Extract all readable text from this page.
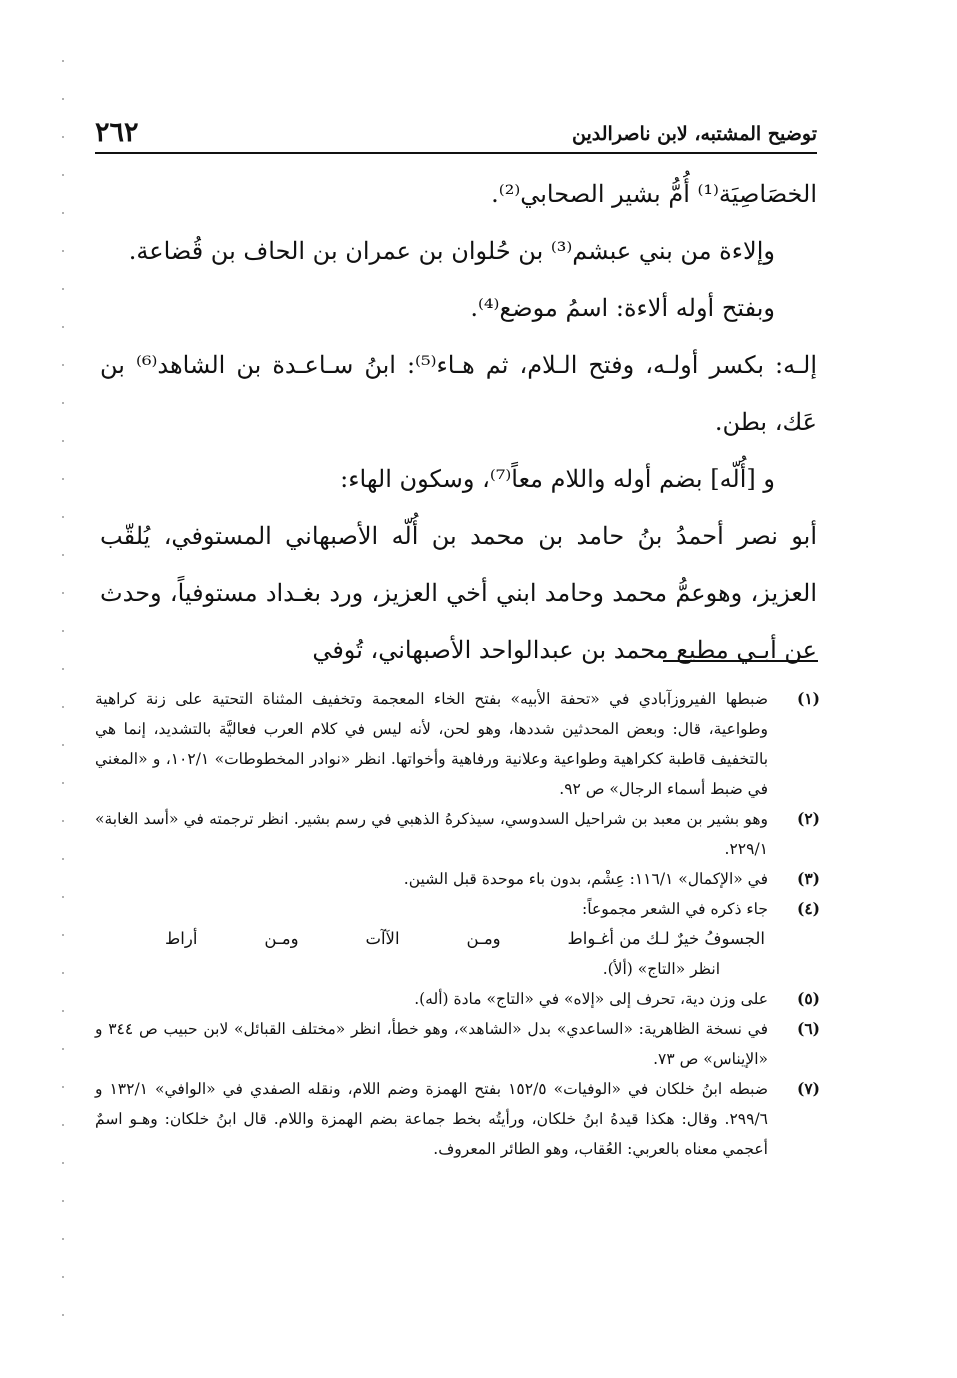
٢٦٢	توضيح المشتبه، لابن ناصرالدين

الخصَاصِيَة⁽¹⁾ أُمُّ بشير الصحابي⁽²⁾.

وإلاءة من بني عبشم⁽³⁾ بن حُلوان بن عمران بن الحاف بن قُضاعة.

وبفتح أوله ألاءة: اسمُ موضع⁽⁴⁾.

إلـه: بكسر أولـه، وفتح الـلام، ثم هـاء⁽⁵⁾: ابنُ سـاعـدة بن الشاهد⁽⁶⁾ بن عَك، بطن.

و [أُلّه] بضم أوله واللام معاً⁽⁷⁾، وسكون الهاء:

أبو نصر أحمدُ بنُ حامد بن محمد بن أُلّه الأصبهاني المستوفي، يُلقّب العزيز، وهوعمُّ محمد وحامد ابني أخي العزيز، ورد بغـداد مستوفياً، وحدث عن أبـي مطيع محمد بن عبدالواحد الأصبهاني، تُوفي

(١)
ضبطها الفيروزآبادي في «تحفة الأبيه» بفتح الخاء المعجمة وتخفيف المثناة التحتية على زنة كراهية وطواعية، قال: وبعض المحدثين شددها، وهو لحن، لأنه ليس في كلام العرب فعاليَّة بالتشديد، إنما هي بالتخفيف قاطبة ككراهية وطواعية وعلانية ورفاهية وأخواتها. انظر «نوادر المخطوطات» ١٠٢/١، و «المغني في ضبط أسماء الرجال» ص ٩٢.

(٢)
وهو بشير بن معبد بن شراحيل السدوسي، سيذكرهُ الذهبي في رسم بشير. انظر ترجمته في «أسد الغابة» ٢٢٩/١.

(٣)
في «الإكمال» ١١٦/١: عِشْم، بدون باء موحدة قبل الشين.

(٤)
جاء ذكره في الشعر مجموعاً:

الجسوفُ خيرٌ لـك من أغـواط
ومـن
الآآت
ومـن
أراط
انظر «التاج» (ألأ).

(٥)
على وزن دية، تحرف إلى «إلاه» في «التاج» مادة (أله).

(٦)
في نسخة الظاهرية: «الساعدي» بدل «الشاهد»، وهو خطأ، انظر «مختلف القبائل» لابن حبيب ص ٣٤٤ و «الإيناس» ص ٧٣.

(٧)
ضبطه ابنُ خلكان في «الوفيات» ١٥٢/٥ بفتح الهمزة وضم اللام، ونقله الصفدي في «الوافي» ١٣٢/١ و ٢٩٩/٦. وقال: هكذا قيدهُ ابنُ خلكان، ورأيتُه بخط جماعة بضم الهمزة واللام. قال ابنُ خلكان: وهـو اسمٌ أعجمي معناه بالعربي: العُقاب، وهو الطائر المعروف.
